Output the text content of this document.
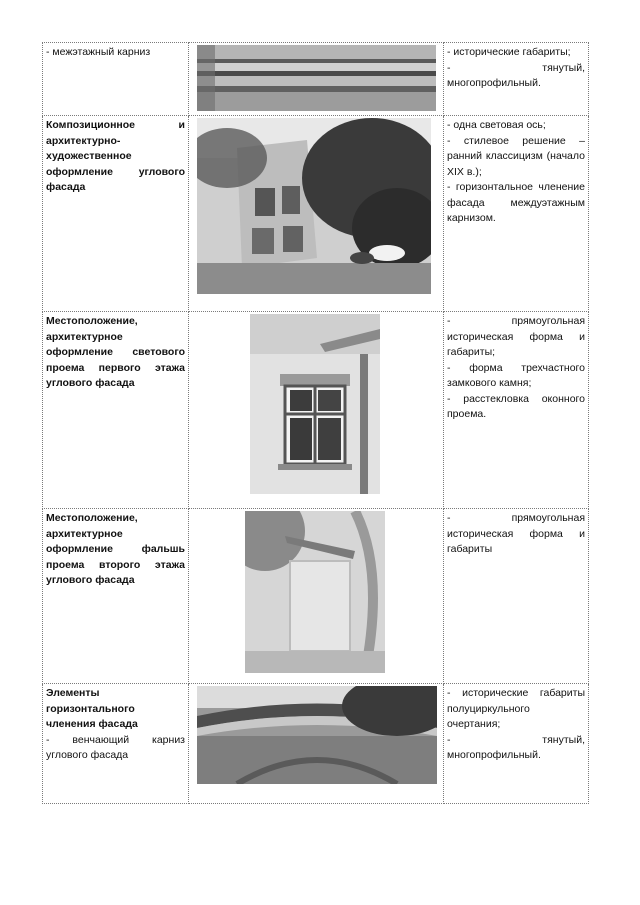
- межэтажный карниз		- исторические габариты;
- тянутый, многопрофильный.

Композиционное и архитектурно-художественное оформление углового фасада		- одна световая ось;
- стилевое решение – ранний классицизм (начало XIX в.);
- горизонтальное членение фасада междуэтажным карнизом.

Местоположение, архитектурное оформление светового проема первого этажа углового фасада		- прямоугольная историческая форма и габариты;
- форма трехчастного замкового камня;
- расстекловка оконного проема.

Местоположение, архитектурное оформление фальшь проема второго этажа углового фасада		- прямоугольная историческая форма и габариты

Элементы горизонтального членения фасада
- венчающий карниз углового фасада		- исторические габариты полуциркульного очертания;
- тянутый, многопрофильный.
